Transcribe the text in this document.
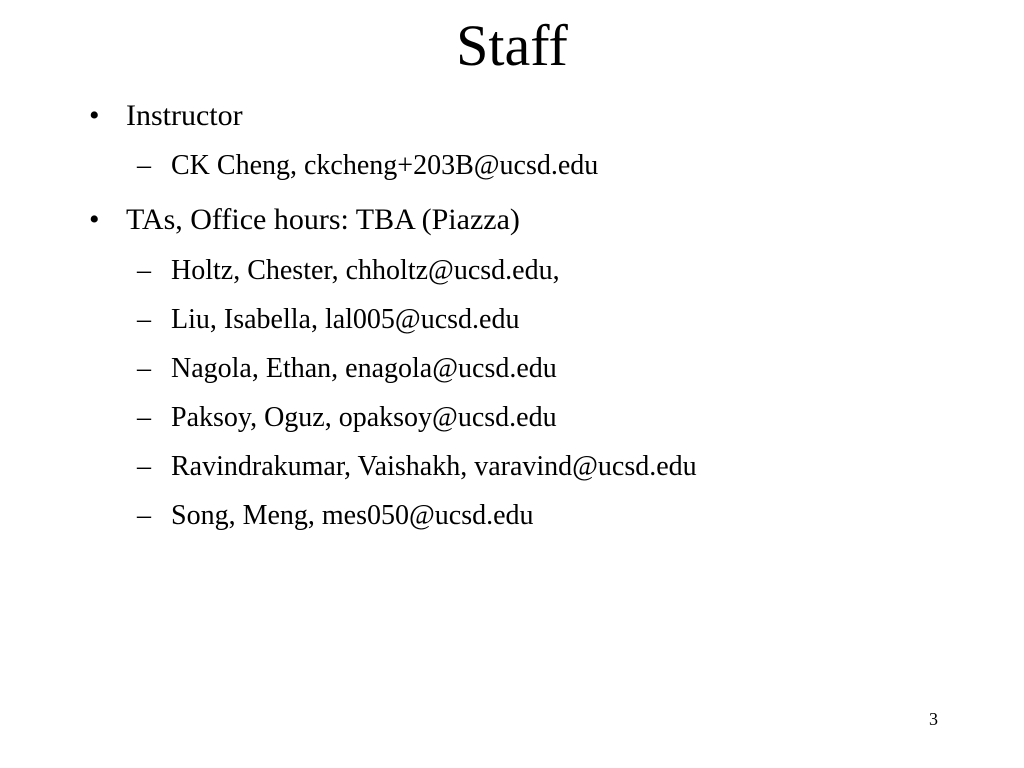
Staff
• Instructor
– CK Cheng, ckcheng+203B@ucsd.edu
• TAs, Office hours: TBA (Piazza)
– Holtz, Chester, chholtz@ucsd.edu,
– Liu, Isabella, lal005@ucsd.edu
– Nagola, Ethan, enagola@ucsd.edu
– Paksoy, Oguz, opaksoy@ucsd.edu
– Ravindrakumar, Vaishakh, varavind@ucsd.edu
– Song, Meng, mes050@ucsd.edu
3
